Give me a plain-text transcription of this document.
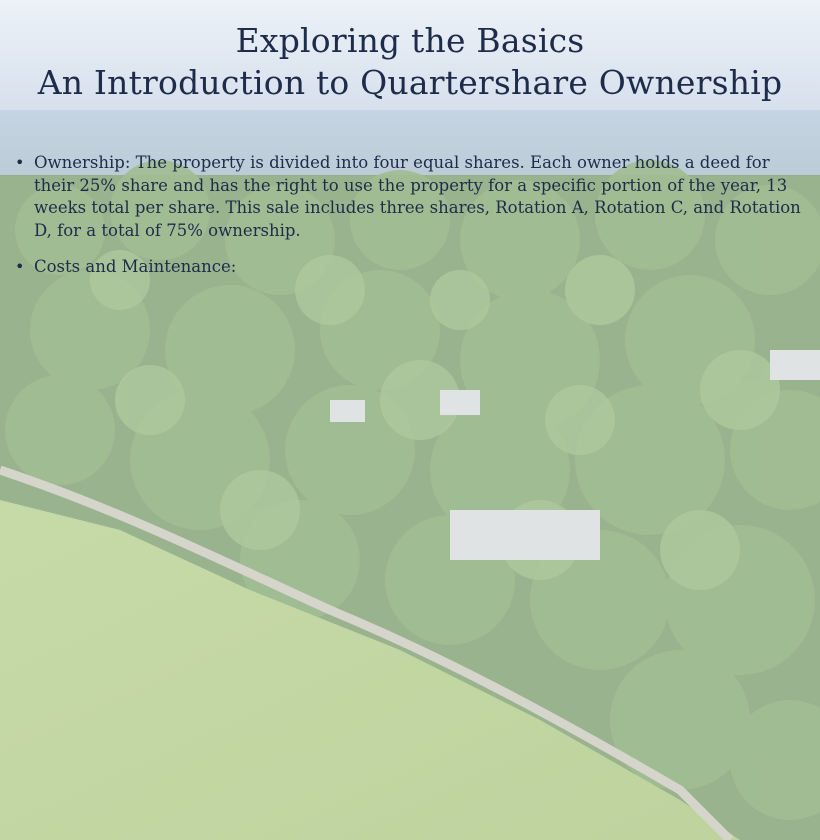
Exploring the Basics
An Introduction to Quartershare Ownership
• Ownership: The property is divided into four equal shares. Each owner holds a deed for their 25% share and has the right to use the property for a specific portion of the year, 13 weeks total per share. This sale includes three shares, Rotation A, Rotation C, and Rotation D, for a total of 75% ownership.
• Costs and Maintenance:
